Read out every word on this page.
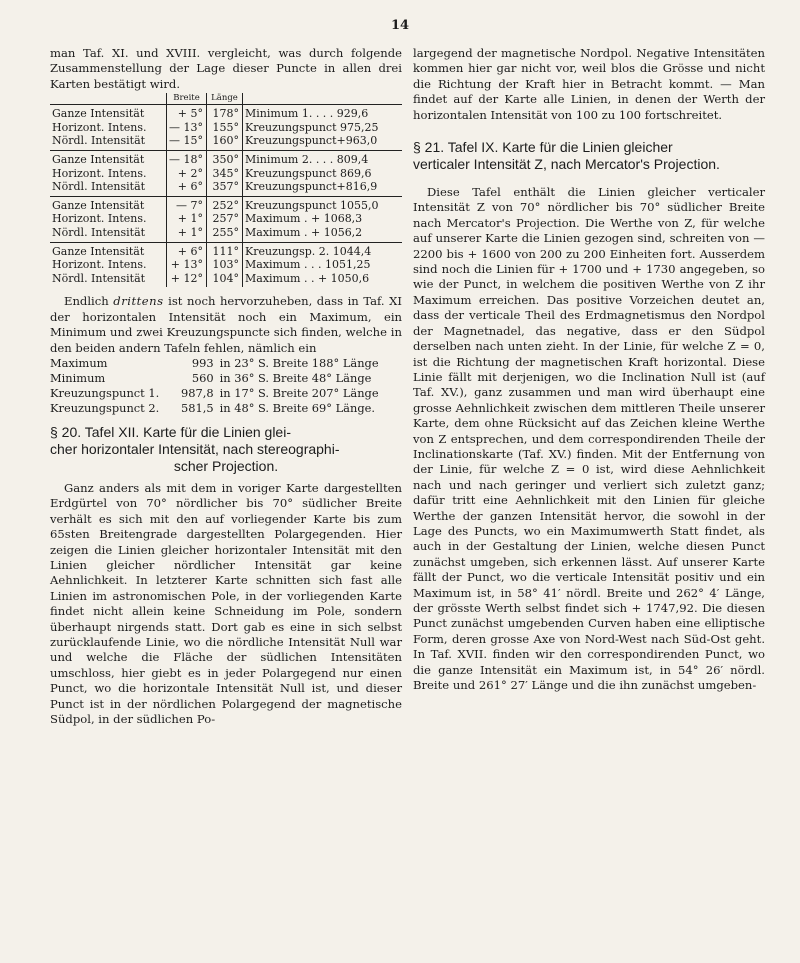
14

man Taf. XI. und XVIII. vergleicht, was durch folgende Zusammenstellung der Lage dieser Puncte in allen drei Karten bestätigt wird.

	Breite	Länge	
Ganze Intensität	+ 5°	178°	Minimum 1. . . . 929,6
Horizont. Intens.	— 13°	155°	Kreuzungspunct 975,25
Nördl. Intensität	— 15°	160°	Kreuzungspunct+963,0
Ganze Intensität	— 18°	350°	Minimum 2. . . . 809,4
Horizont. Intens.	+ 2°	345°	Kreuzungspunct 869,6
Nördl. Intensität	+ 6°	357°	Kreuzungspunct+816,9
Ganze Intensität	— 7°	252°	Kreuzungspunct 1055,0
Horizont. Intens.	+ 1°	257°	Maximum . + 1068,3
Nördl. Intensität	+ 1°	255°	Maximum . + 1056,2
Ganze Intensität	+ 6°	111°	Kreuzungsp. 2. 1044,4
Horizont. Intens.	+ 13°	103°	Maximum . . . 1051,25
Nördl. Intensität	+ 12°	104°	Maximum . . + 1050,6

Endlich drittens ist noch hervorzuheben, dass in Taf. XI der horizontalen Intensität noch ein Maximum, ein Minimum und zwei Kreuzungspuncte sich finden, welche in den beiden andern Tafeln fehlen, nämlich ein

Maximum	993	in 23° S. Breite 188° Länge
Minimum	560	in 36° S. Breite 48° Länge
Kreuzungspunct 1.	987,8	in 17° S. Breite 207° Länge
Kreuzungspunct 2.	581,5	in 48° S. Breite 69° Länge.
§ 20. Tafel XII. Karte für die Linien glei-
cher horizontaler Intensität, nach stereographi-
scher Projection.

Ganz anders als mit dem in voriger Karte dargestellten Erdgürtel von 70° nördlicher bis 70° südlicher Breite verhält es sich mit den auf vorliegender Karte bis zum 65sten Breitengrade dargestellten Polargegenden. Hier zeigen die Linien gleicher horizontaler Intensität mit den Linien gleicher nördlicher Intensität gar keine Aehnlichkeit. In letzterer Karte schnitten sich fast alle Linien im astronomischen Pole, in der vorliegenden Karte findet nicht allein keine Schneidung im Pole, sondern überhaupt nirgends statt. Dort gab es eine in sich selbst zurücklaufende Linie, wo die nördliche Intensität Null war und welche die Fläche der südlichen Intensitäten umschloss, hier giebt es in jeder Polargegend nur einen Punct, wo die horizontale Intensität Null ist, und dieser Punct ist in der nördlichen Polargegend der magnetische Südpol, in der südlichen Po-

largegend der magnetische Nordpol. Negative Intensitäten kommen hier gar nicht vor, weil blos die Grösse und nicht die Richtung der Kraft hier in Betracht kommt. — Man findet auf der Karte alle Linien, in denen der Werth der horizontalen Intensität von 100 zu 100 fortschreitet.

§ 21. Tafel IX. Karte für die Linien gleicher
verticaler Intensität Z, nach Mercator's Projection.

Diese Tafel enthält die Linien gleicher verticaler Intensität Z von 70° nördlicher bis 70° südlicher Breite nach Mercator's Projection. Die Werthe von Z, für welche auf unserer Karte die Linien gezogen sind, schreiten von — 2200 bis + 1600 von 200 zu 200 Einheiten fort. Ausserdem sind noch die Linien für + 1700 und + 1730 angegeben, so wie der Punct, in welchem die positiven Werthe von Z ihr Maximum erreichen. Das positive Vorzeichen deutet an, dass der verticale Theil des Erdmagnetismus den Nordpol der Magnetnadel, das negative, dass er den Südpol derselben nach unten zieht. In der Linie, für welche Z = 0, ist die Richtung der magnetischen Kraft horizontal. Diese Linie fällt mit derjenigen, wo die Inclination Null ist (auf Taf. XV.), ganz zusammen und man wird überhaupt eine grosse Aehnlichkeit zwischen dem mittleren Theile unserer Karte, dem ohne Rücksicht auf das Zeichen kleine Werthe von Z entsprechen, und dem correspondirenden Theile der Inclinationskarte (Taf. XV.) finden. Mit der Entfernung von der Linie, für welche Z = 0 ist, wird diese Aehnlichkeit nach und nach geringer und verliert sich zuletzt ganz; dafür tritt eine Aehnlichkeit mit den Linien für gleiche Werthe der ganzen Intensität hervor, die sowohl in der Lage des Puncts, wo ein Maximumwerth Statt findet, als auch in der Gestaltung der Linien, welche diesen Punct zunächst umgeben, sich erkennen lässt. Auf unserer Karte fällt der Punct, wo die verticale Intensität positiv und ein Maximum ist, in 58° 41′ nördl. Breite und 262° 4′ Länge, der grösste Werth selbst findet sich + 1747,92. Die diesen Punct zunächst umgebenden Curven haben eine elliptische Form, deren grosse Axe von Nord-West nach Süd-Ost geht. In Taf. XVII. finden wir den correspondirenden Punct, wo die ganze Intensität ein Maximum ist, in 54° 26′ nördl. Breite und 261° 27′ Länge und die ihn zunächst umgeben-
